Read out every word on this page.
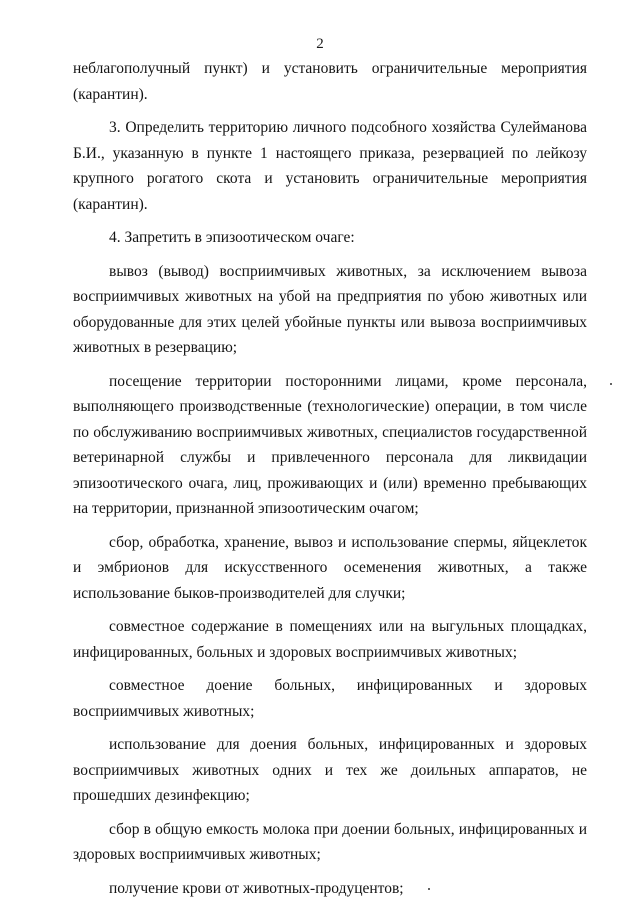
2

неблагополучный пункт) и установить ограничительные мероприятия (карантин).

3. Определить территорию личного подсобного хозяйства Сулейманова Б.И., указанную в пункте 1 настоящего приказа, резервацией по лейкозу крупного рогатого скота и установить ограничительные мероприятия (карантин).

4. Запретить в эпизоотическом очаге:

вывоз (вывод) восприимчивых животных, за исключением вывоза восприимчивых животных на убой на предприятия по убою животных или оборудованные для этих целей убойные пункты или вывоза восприимчивых животных в резервацию;

посещение территории посторонними лицами, кроме персонала, выполняющего производственные (технологические) операции, в том числе по обслуживанию восприимчивых животных, специалистов государственной ветеринарной службы и привлеченного персонала для ликвидации эпизоотического очага, лиц, проживающих и (или) временно пребывающих на территории, признанной эпизоотическим очагом;

сбор, обработка, хранение, вывоз и использование спермы, яйцеклеток и эмбрионов для искусственного осеменения животных, а также использование быков-производителей для случки;

совместное содержание в помещениях или на выгульных площадках, инфицированных, больных и здоровых восприимчивых животных;

совместное доение больных, инфицированных и здоровых восприимчивых животных;

использование для доения больных, инфицированных и здоровых восприимчивых животных одних и тех же доильных аппаратов, не прошедших дезинфекцию;

сбор в общую емкость молока при доении больных, инфицированных и здоровых восприимчивых животных;

получение крови от животных-продуцентов;
